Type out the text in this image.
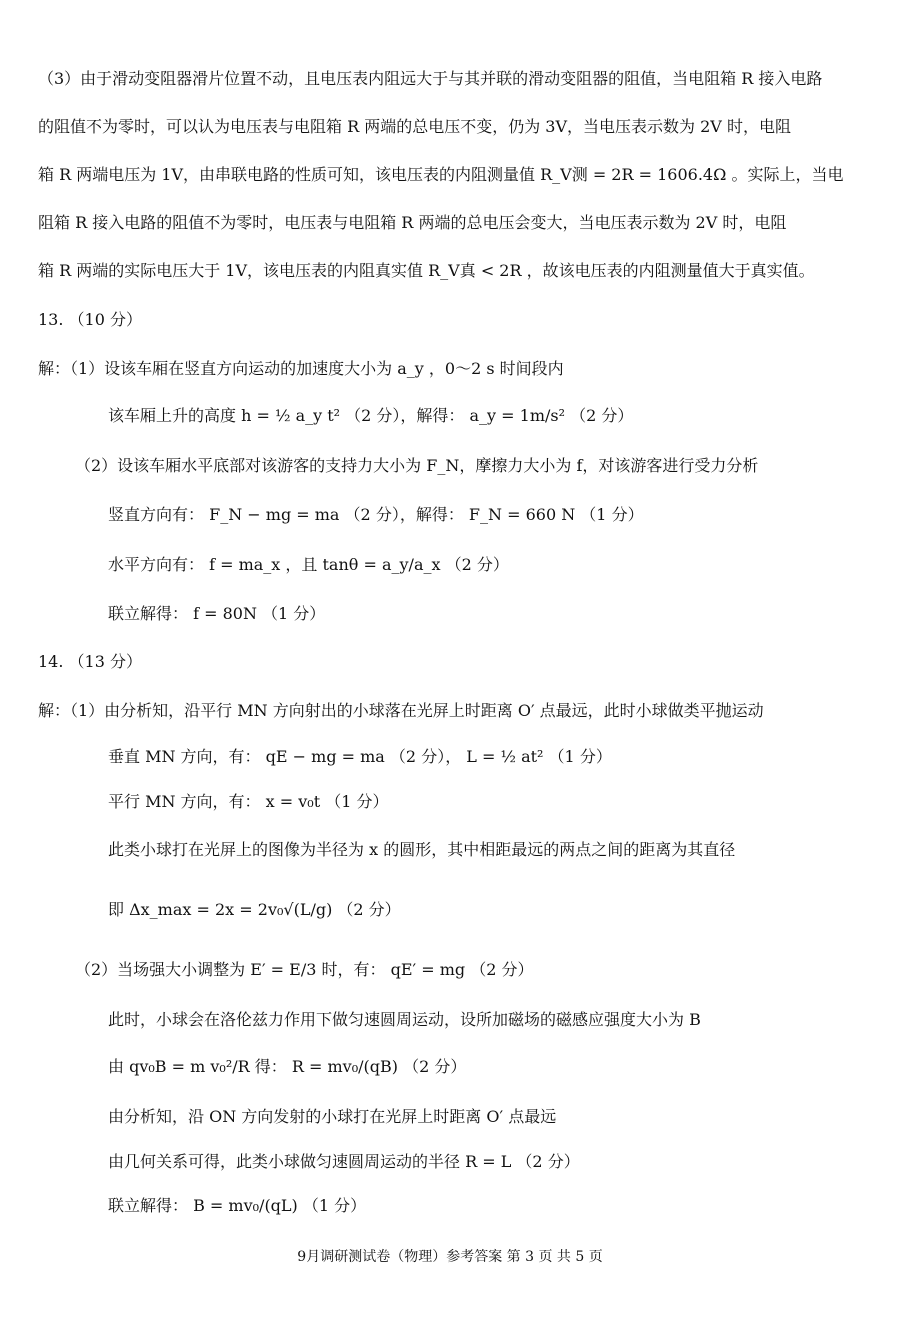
（3）由于滑动变阻器滑片位置不动，且电压表内阻远大于与其并联的滑动变阻器的阻值，当电阻箱 R 接入电路
的阻值不为零时，可以认为电压表与电阻箱 R 两端的总电压不变，仍为 3V，当电压表示数为 2V 时，电阻
箱 R 两端电压为 1V，由串联电路的性质可知，该电压表的内阻测量值 R_V测 = 2R = 1606.4Ω 。实际上，当电
阻箱 R 接入电路的阻值不为零时，电压表与电阻箱 R 两端的总电压会变大，当电压表示数为 2V 时，电阻
箱 R 两端的实际电压大于 1V，该电压表的内阻真实值 R_V真 < 2R ，故该电压表的内阻测量值大于真实值。
13. （10 分）
解：（1）设该车厢在竖直方向运动的加速度大小为 a_y ，0～2 s 时间段内
该车厢上升的高度 h = ½ a_y t² （2 分），解得： a_y = 1m/s² （2 分）
（2）设该车厢水平底部对该游客的支持力大小为 F_N，摩擦力大小为 f，对该游客进行受力分析
竖直方向有： F_N − mg = ma （2 分），解得： F_N = 660 N （1 分）
水平方向有： f = ma_x ，且 tanθ = a_y/a_x （2 分）
联立解得： f = 80N （1 分）
14. （13 分）
解：（1）由分析知，沿平行 MN 方向射出的小球落在光屏上时距离 O′ 点最远，此时小球做类平抛运动
垂直 MN 方向，有： qE − mg = ma （2 分）， L = ½ at² （1 分）
平行 MN 方向，有： x = v₀t （1 分）
此类小球打在光屏上的图像为半径为 x 的圆形，其中相距最远的两点之间的距离为其直径
即 Δx_max = 2x = 2v₀√(L/g) （2 分）
（2）当场强大小调整为 E′ = E/3 时，有： qE′ = mg （2 分）
此时，小球会在洛伦兹力作用下做匀速圆周运动，设所加磁场的磁感应强度大小为 B
由 qv₀B = m v₀²/R 得： R = mv₀/(qB) （2 分）
由分析知，沿 ON 方向发射的小球打在光屏上时距离 O′ 点最远
由几何关系可得，此类小球做匀速圆周运动的半径 R = L （2 分）
联立解得： B = mv₀/(qL) （1 分）
9月调研测试卷（物理）参考答案 第 3 页 共 5 页
